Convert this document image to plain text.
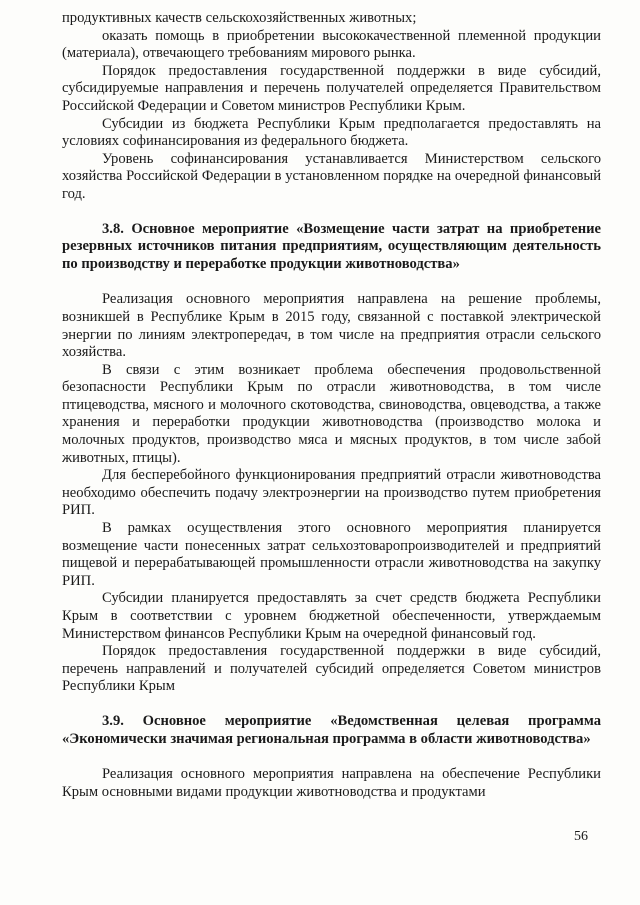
продуктивных качеств сельскохозяйственных животных;

оказать помощь в приобретении высококачественной племенной продукции (материала), отвечающего требованиям мирового рынка.

Порядок предоставления государственной поддержки в виде субсидий, субсидируемые направления и перечень получателей определяется Правительством Российской Федерации и Советом министров Республики Крым.

Субсидии из бюджета Республики Крым предполагается предоставлять на условиях софинансирования из федерального бюджета.

Уровень софинансирования устанавливается Министерством сельского хозяйства Российской Федерации в установленном порядке на очередной финансовый год.

3.8. Основное мероприятие «Возмещение части затрат на приобретение резервных источников питания предприятиям, осуществляющим деятельность по производству и переработке продукции животноводства»

Реализация основного мероприятия направлена на решение проблемы, возникшей в Республике Крым в 2015 году, связанной с поставкой электрической энергии по линиям электропередач, в том числе на предприятия отрасли сельского хозяйства.

В связи с этим возникает проблема обеспечения продовольственной безопасности Республики Крым по отрасли животноводства, в том числе птицеводства, мясного и молочного скотоводства, свиноводства, овцеводства, а также хранения и переработки продукции животноводства (производство молока и молочных продуктов, производство мяса и мясных продуктов, в том числе забой животных, птицы).

Для бесперебойного функционирования предприятий отрасли животноводства необходимо обеспечить подачу электроэнергии на производство путем приобретения РИП.

В рамках осуществления этого основного мероприятия планируется возмещение части понесенных затрат сельхозтоваропроизводителей и предприятий пищевой и перерабатывающей промышленности отрасли животноводства на закупку РИП.

Субсидии планируется предоставлять за счет средств бюджета Республики Крым в соответствии с уровнем бюджетной обеспеченности, утверждаемым Министерством финансов Республики Крым на очередной финансовый год.

Порядок предоставления государственной поддержки в виде субсидий, перечень направлений и получателей субсидий определяется Советом министров Республики Крым

3.9. Основное мероприятие «Ведомственная целевая программа «Экономически значимая региональная программа в области животноводства»

Реализация основного мероприятия направлена на обеспечение Республики Крым основными видами продукции животноводства и продуктами

56
